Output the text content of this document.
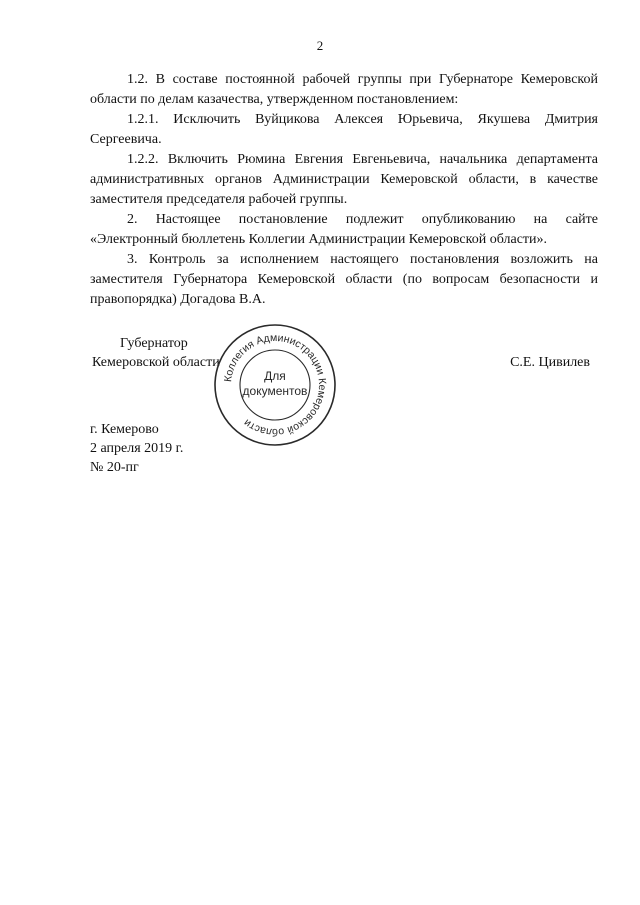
2

1.2. В составе постоянной рабочей группы при Губернаторе Кемеровской области по делам казачества, утвержденном постановлением:

1.2.1. Исключить Вуйцикова Алексея Юрьевича, Якушева Дмитрия Сергеевича.

1.2.2. Включить Рюмина Евгения Евгеньевича, начальника департамента административных органов Администрации Кемеровской области, в качестве заместителя председателя рабочей группы.

2. Настоящее постановление подлежит опубликованию на сайте «Электронный бюллетень Коллегии Администрации Кемеровской области».

3. Контроль за исполнением настоящего постановления возложить на заместителя Губернатора Кемеровской области (по вопросам безопасности и правопорядка) Догадова В.А.

Губернатор
Кемеровской области	С.Е. Цивилев
Коллегия Администрации Кемеровской области
Для
документов
г. Кемерово
2 апреля 2019 г.
№ 20-пг
